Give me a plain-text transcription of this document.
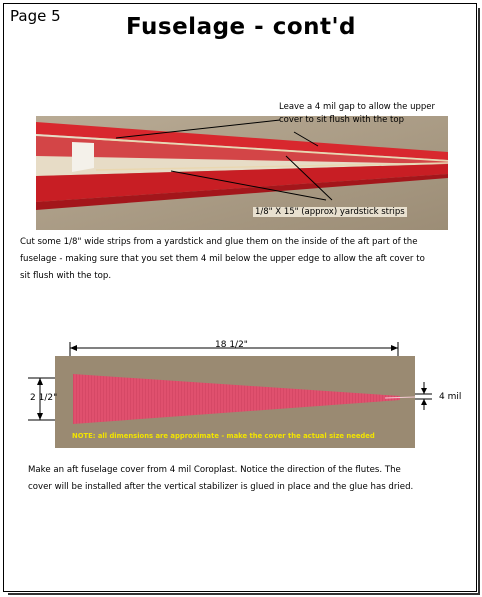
Page 5	Fuselage - cont'd
Leave a 4 mil gap to allow the upper
cover to sit flush with the top
1/8" X 15" (approx) yardstick strips
Cut some 1/8" wide strips from a yardstick and glue them on the inside of the aft part of the
fuselage - making sure that you set them 4 mil below the upper edge to allow the aft cover to
sit flush with the top.
18 1/2"
2 1/2"	4 mil
NOTE: all dimensions are approximate - make the cover the actual size needed
Make an aft fuselage cover from 4 mil Coroplast. Notice the direction of the flutes. The
cover will be installed after the vertical stabilizer is glued in place and the glue has dried.
